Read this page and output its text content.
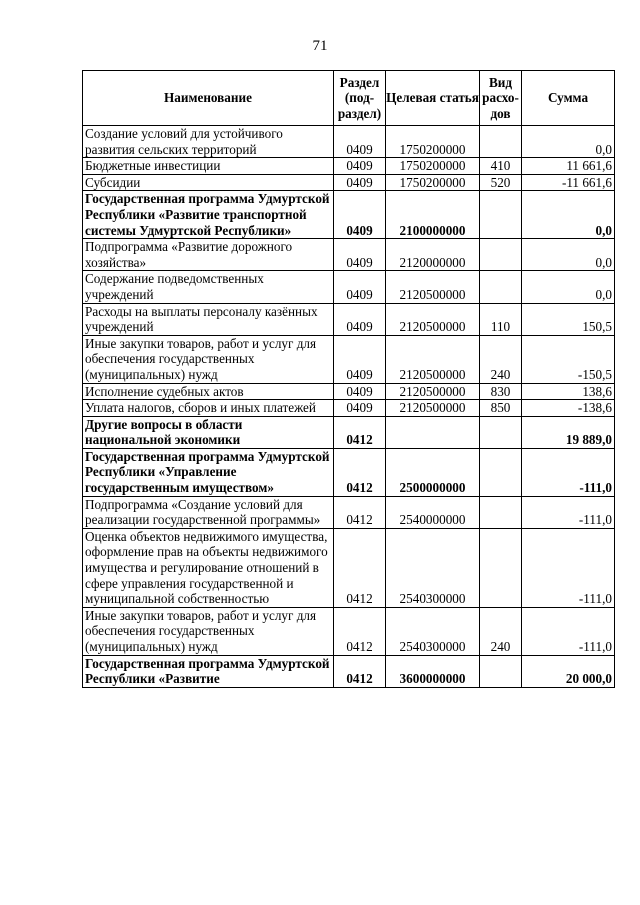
71
Наименование	Раздел (под-раздел)	Целевая статья	Вид расхо-дов	Сумма
Создание условий для устойчивого развития сельских территорий	0409	1750200000		0,0
Бюджетные инвестиции	0409	1750200000	410	11 661,6
Субсидии	0409	1750200000	520	-11 661,6
Государственная программа Удмуртской Республики «Развитие транспортной системы Удмуртской Республики»	0409	2100000000		0,0
Подпрограмма «Развитие дорожного хозяйства»	0409	2120000000		0,0
Содержание подведомственных учреждений	0409	2120500000		0,0
Расходы на выплаты персоналу казённых учреждений	0409	2120500000	110	150,5
Иные закупки товаров, работ и услуг для обеспечения государственных (муниципальных) нужд	0409	2120500000	240	-150,5
Исполнение судебных актов	0409	2120500000	830	138,6
Уплата налогов, сборов и иных платежей	0409	2120500000	850	-138,6
Другие вопросы в области национальной экономики	0412			19 889,0
Государственная программа Удмуртской Республики «Управление государственным имуществом»	0412	2500000000		-111,0
Подпрограмма «Создание условий для реализации государственной программы»	0412	2540000000		-111,0
Оценка объектов недвижимого имущества, оформление прав на объекты недвижимого имущества и регулирование отношений в сфере управления государственной и муниципальной собственностью	0412	2540300000		-111,0
Иные закупки товаров, работ и услуг для обеспечения государственных (муниципальных) нужд	0412	2540300000	240	-111,0
Государственная программа Удмуртской Республики «Развитие	0412	3600000000		20 000,0
